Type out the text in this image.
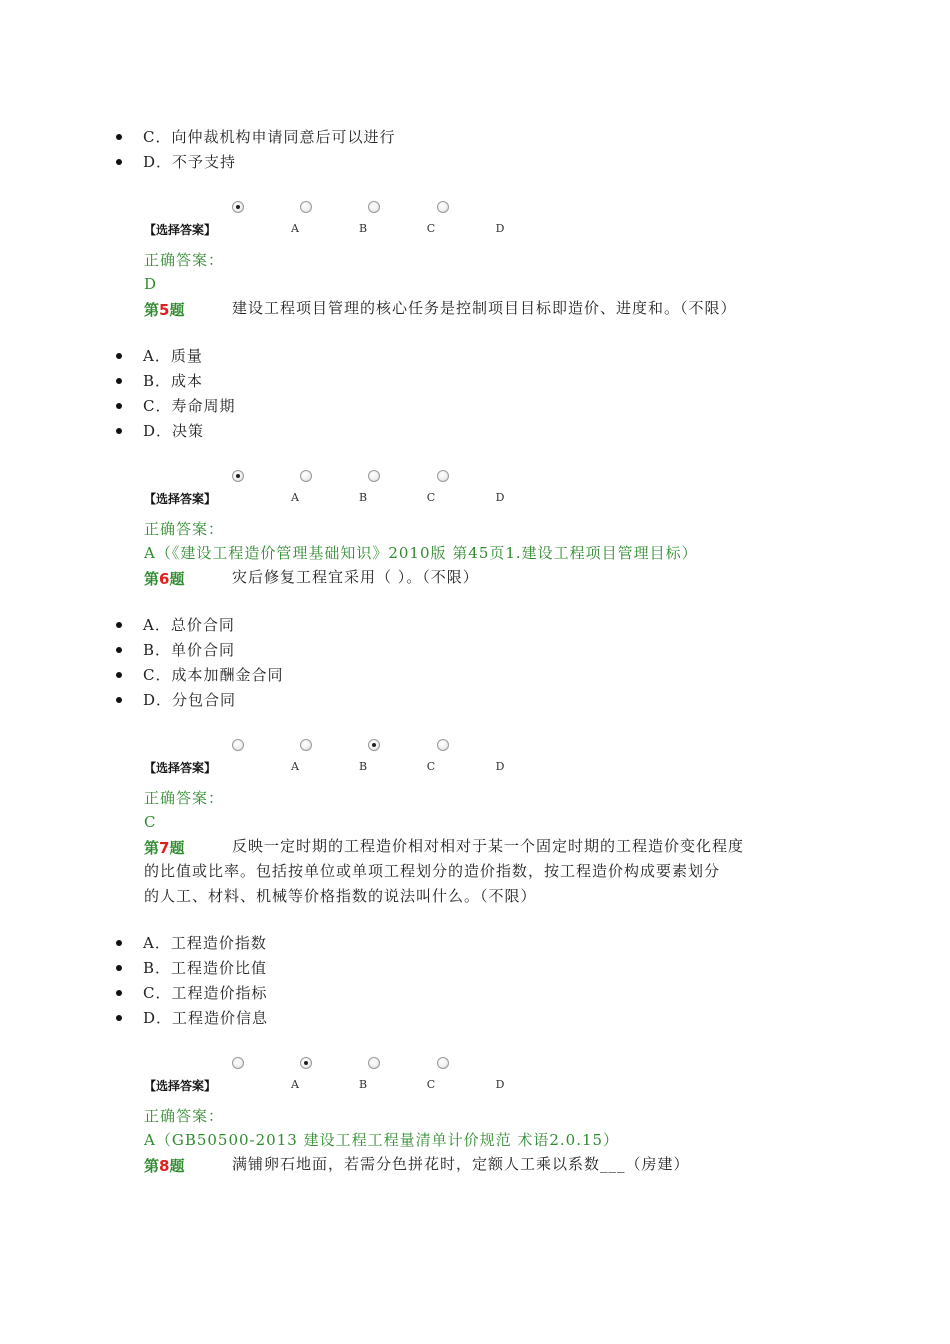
C．向仲裁机构申请同意后可以进行
D．不予支持
【选择答案】	A	B	C	D
正确答案：
D
第5题	建设工程项目管理的核心任务是控制项目目标即造价、进度和。（不限）
A．质量
B．成本
C．寿命周期
D．决策
【选择答案】	A	B	C	D
正确答案：
A（《建设工程造价管理基础知识》2010版 第45页1.建设工程项目管理目标）
第6题	灾后修复工程宜采用（ ）。（不限）
A．总价合同
B．单价合同
C．成本加酬金合同
D．分包合同
【选择答案】	A	B	C	D
正确答案：
C
第7题	反映一定时期的工程造价相对相对于某一个固定时期的工程造价变化程度
的比值或比率。包括按单位或单项工程划分的造价指数，按工程造价构成要素划分
的人工、材料、机械等价格指数的说法叫什么。（不限）
A．工程造价指数
B．工程造价比值
C．工程造价指标
D．工程造价信息
【选择答案】	A	B	C	D
正确答案：
A（GB50500-2013 建设工程工程量清单计价规范 术语2.0.15）
第8题	满铺卵石地面，若需分色拼花时，定额人工乘以系数___（房建）
